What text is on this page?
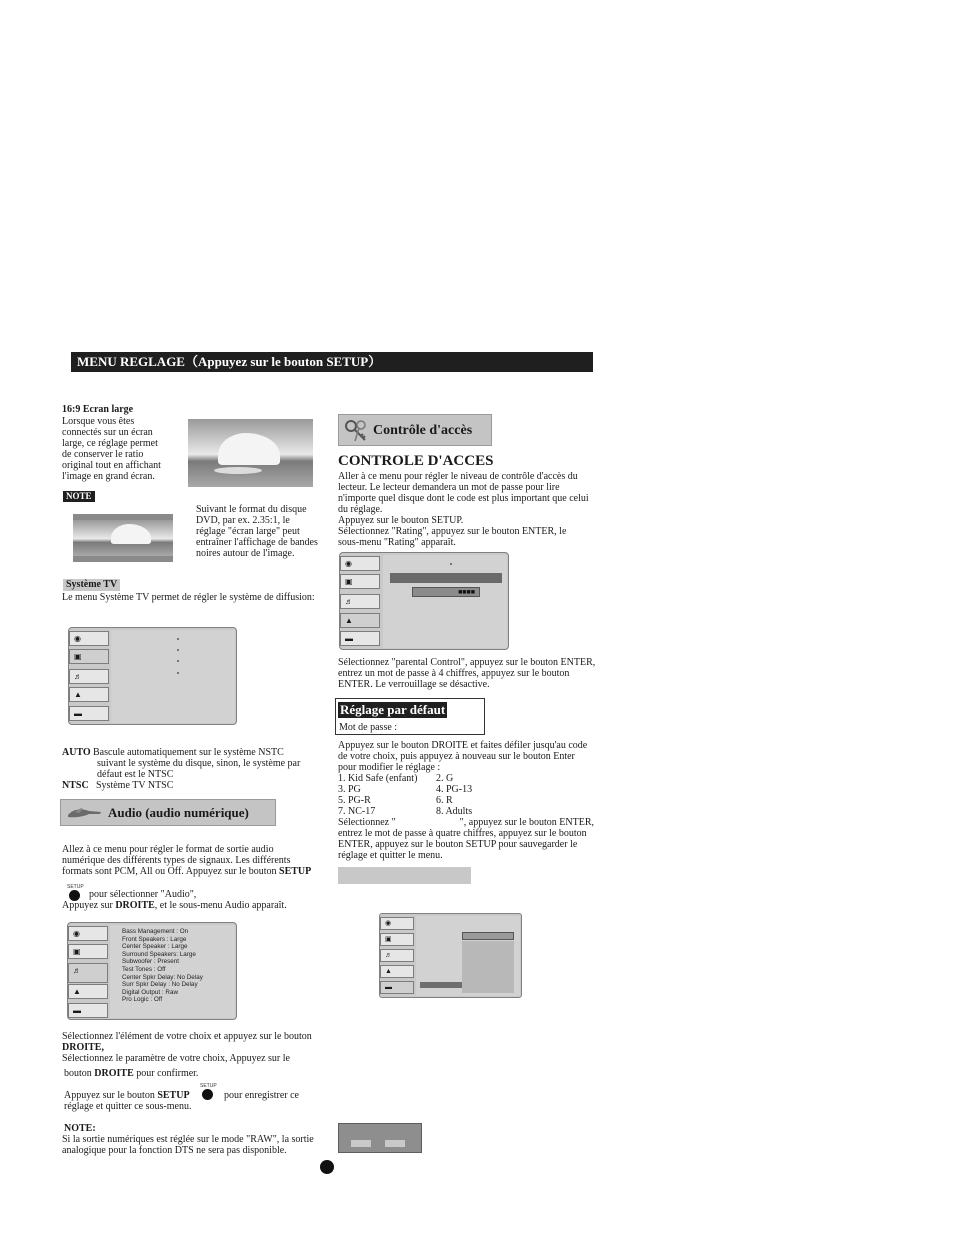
MENU REGLAGE（Appuyez sur le bouton SETUP）
16:9 Ecran large
Lorsque vous êtes
connectés sur un écran
large, ce réglage permet
de conserver le ratio
original tout en affichant
l'image en grand écran.
NOTE
Suivant le format du disque
DVD, par ex. 2.35:1, le
réglage "écran large" peut
entraîner l'affichage de bandes
noires autour de l'image.
Système TV
Le menu Système TV permet de régler le système de diffusion:
◉
▣
♬
▲
▬
AUTO Bascule automatiquement sur le système NSTC
suivant le système du disque, sinon, le système par
défaut est le NTSC
NTSC Système TV NTSC
Audio (audio numérique)
Allez à ce menu pour régler le format de sortie audio
numérique des différents types de signaux. Les différents
formats sont PCM, All ou Off. Appuyez sur le bouton SETUP
SETUP
pour sélectionner "Audio",
Appuyez sur DROITE, et le sous-menu Audio apparaît.
◉
▣
♬
▲
▬
Bass Management : On
Front Speakers : Large
Center Speaker : Large
Surround Speakers: Large
Subwoofer : Present
Test Tones : Off
Center Spkr Delay: No Delay
Surr Spkr Delay : No Delay
Digital Output : Raw
Pro Logic : Off
Sélectionnez l'élément de votre choix et appuyez sur le bouton
DROITE,
Sélectionnez le paramètre de votre choix, Appuyez sur le
bouton DROITE pour confirmer.
Appuyez sur le bouton SETUP
SETUP
pour enregistrer ce
réglage et quitter ce sous-menu.
NOTE:
Si la sortie numériques est réglée sur le mode "RAW", la sortie
analogique pour la fonction DTS ne sera pas disponible.
Contrôle d'accès
CONTROLE D'ACCES
Aller à ce menu pour régler le niveau de contrôle d'accès du
lecteur. Le lecteur demandera un mot de passe pour lire
n'importe quel disque dont le code est plus important que celui
du réglage.
Appuyez sur le bouton SETUP.
Sélectionnez "Rating", appuyez sur le bouton ENTER, le
sous-menu "Rating" apparaît.
◉
▣
♬
▲
▬
■■■■
Sélectionnez "parental Control", appuyez sur le bouton ENTER,
entrez un mot de passe à 4 chiffres, appuyez sur le bouton
ENTER. Le verrouillage se désactive.
Réglage par défaut
Mot de passe :
Appuyez sur le bouton DROITE et faites défiler jusqu'au code
de votre choix, puis appuyez à nouveau sur le bouton Enter
pour modifier le réglage :
1. Kid Safe (enfant) 2. G
3. PG	4. PG-13
5. PG-R	6. R
7. NC-17	8. Adults
Sélectionnez "	", appuyez sur le bouton ENTER,
entrez le mot de passe à quatre chiffres, appuyez sur le bouton
ENTER, appuyez sur le bouton SETUP pour sauvegarder le
réglage et quitter le menu.
◉
▣
♬
▲
▬
